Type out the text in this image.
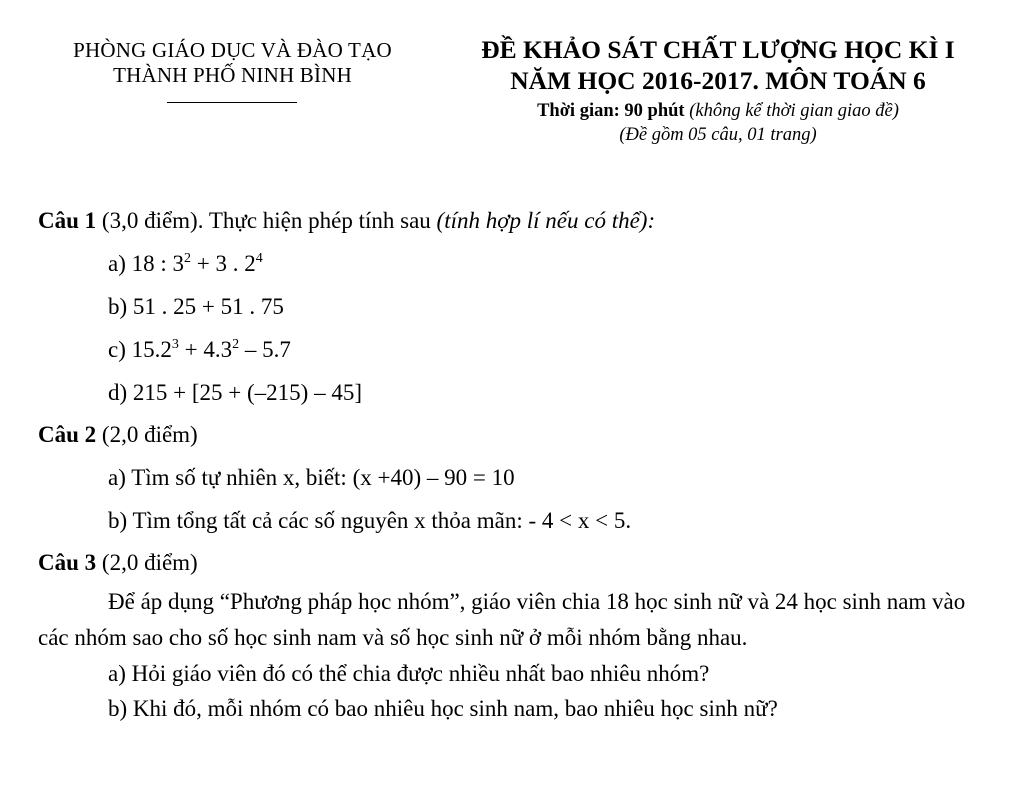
PHÒNG GIÁO DỤC VÀ ĐÀO TẠO
THÀNH PHỐ NINH BÌNH
ĐỀ KHẢO SÁT CHẤT LƯỢNG HỌC KÌ I
NĂM HỌC 2016-2017. MÔN TOÁN 6
Thời gian: 90 phút (không kể thời gian giao đề)
(Đề gồm 05 câu, 01 trang)
Câu 1 (3,0 điểm). Thực hiện phép tính sau (tính hợp lí nếu có thể):
a) 18 : $3^2 + 3$ . $2^4$
b) 51 . 25 + 51 . 75
c) $15.2^3 + 4.3^2 - 5.7$
d) 215 + [25 + (–215) – 45]
Câu 2 (2,0 điểm)
a) Tìm số tự nhiên x, biết: (x +40) – 90 = 10
b) Tìm tổng tất cả các số nguyên x thỏa mãn: - 4 < x < 5.
Câu 3 (2,0 điểm)
Để áp dụng “Phương pháp học nhóm”, giáo viên chia 18 học sinh nữ và 24 học sinh nam vào các nhóm sao cho số học sinh nam và số học sinh nữ ở mỗi nhóm bằng nhau.
a) Hỏi giáo viên đó có thể chia được nhiều nhất bao nhiêu nhóm?
b) Khi đó, mỗi nhóm có bao nhiêu học sinh nam, bao nhiêu học sinh nữ?
